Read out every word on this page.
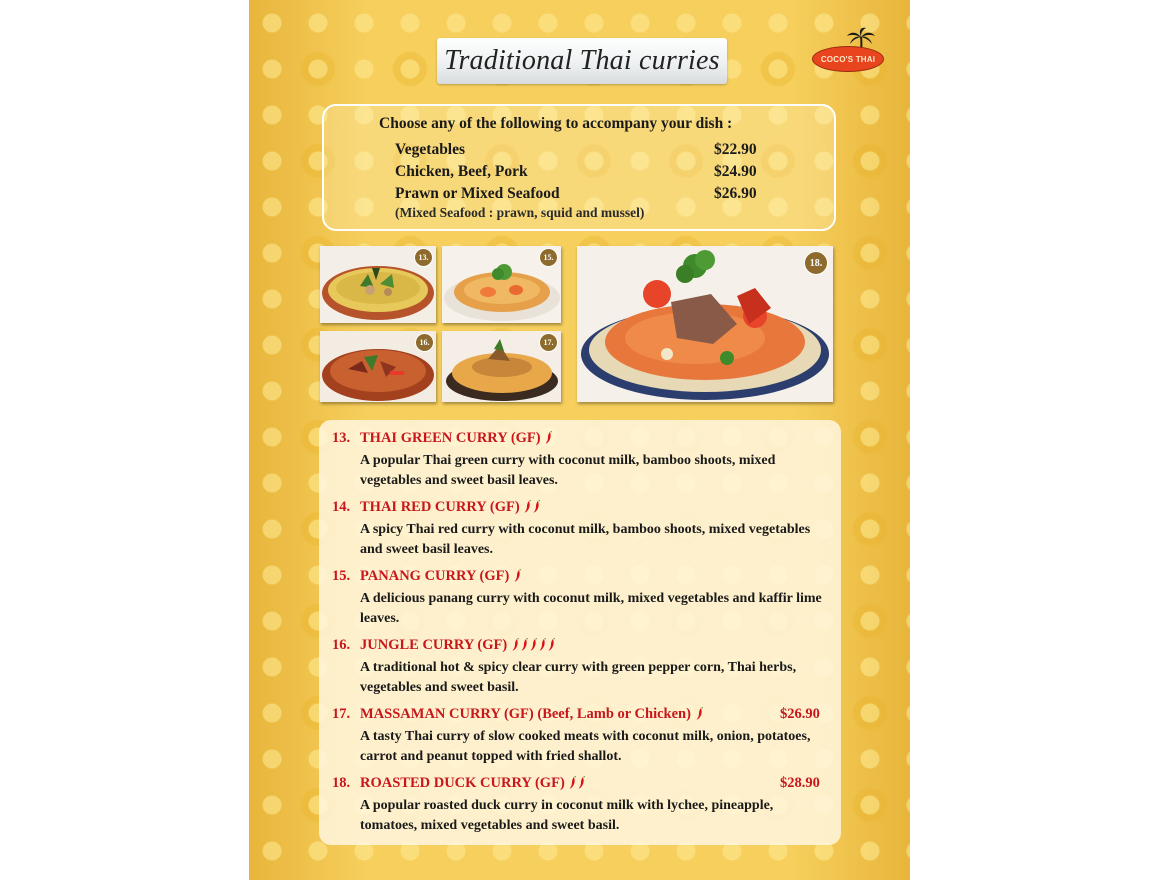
Traditional Thai curries	COCO'S THAI
Choose any of the following to accompany your dish :
Vegetables	$22.90
Chicken, Beef, Pork	$24.90
Prawn or Mixed Seafood	$26.90
(Mixed Seafood : prawn, squid and mussel)
13.	15.
16.	17.
18.
13. THAI GREEN CURRY (GF)
A popular Thai green curry with coconut milk, bamboo shoots, mixed vegetables and sweet basil leaves.
14. THAI RED CURRY (GF)
A spicy Thai red curry with coconut milk, bamboo shoots, mixed vegetables and sweet basil leaves.
15. PANANG CURRY (GF)
A delicious panang curry with coconut milk, mixed vegetables and kaffir lime leaves.
16. JUNGLE CURRY (GF)
A traditional hot & spicy clear curry with green pepper corn, Thai herbs, vegetables and sweet basil.
17. MASSAMAN CURRY (GF) (Beef, Lamb or Chicken)	$26.90
A tasty Thai curry of slow cooked meats with coconut milk, onion, potatoes, carrot and peanut topped with fried shallot.
18. ROASTED DUCK CURRY (GF)	$28.90
A popular roasted duck curry in coconut milk with lychee, pineapple, tomatoes, mixed vegetables and sweet basil.
